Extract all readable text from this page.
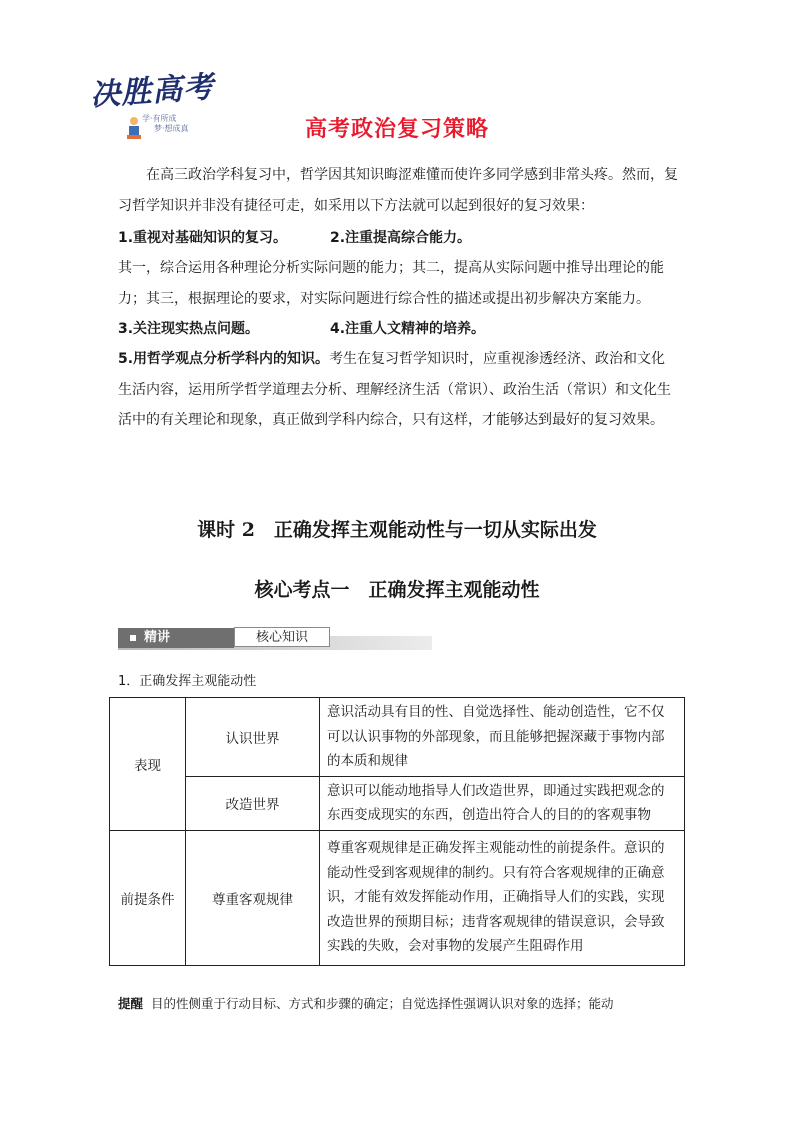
决胜高考
学·有所成
梦·想成真	高考政治复习策略
在高三政治学科复习中，哲学因其知识晦涩难懂而使许多同学感到非常头疼。然而，复习哲学知识并非没有捷径可走，如采用以下方法就可以起到很好的复习效果：
1.重视对基础知识的复习。	2.注重提高综合能力。
其一，综合运用各种理论分析实际问题的能力；其二，提高从实际问题中推导出理论的能力；其三，根据理论的要求，对实际问题进行综合性的描述或提出初步解决方案能力。
3.关注现实热点问题。	4.注重人文精神的培养。
5.用哲学观点分析学科内的知识。考生在复习哲学知识时，应重视渗透经济、政治和文化生活内容，运用所学哲学道理去分析、理解经济生活（常识）、政治生活（常识）和文化生活中的有关理论和现象，真正做到学科内综合，只有这样，才能够达到最好的复习效果。
课时 2　正确发挥主观能动性与一切从实际出发
核心考点一　正确发挥主观能动性
精讲	核心知识
1．正确发挥主观能动性
表现	认识世界	意识活动具有目的性、自觉选择性、能动创造性，它不仅可以认识事物的外部现象，而且能够把握深藏于事物内部的本质和规律
	改造世界	意识可以能动地指导人们改造世界，即通过实践把观念的东西变成现实的东西，创造出符合人的目的的客观事物
前提条件	尊重客观规律	尊重客观规律是正确发挥主观能动性的前提条件。意识的能动性受到客观规律的制约。只有符合客观规律的正确意识，才能有效发挥能动作用，正确指导人们的实践，实现改造世界的预期目标；违背客观规律的错误意识，会导致实践的失败，会对事物的发展产生阻碍作用
提醒 目的性侧重于行动目标、方式和步骤的确定；自觉选择性强调认识对象的选择；能动
